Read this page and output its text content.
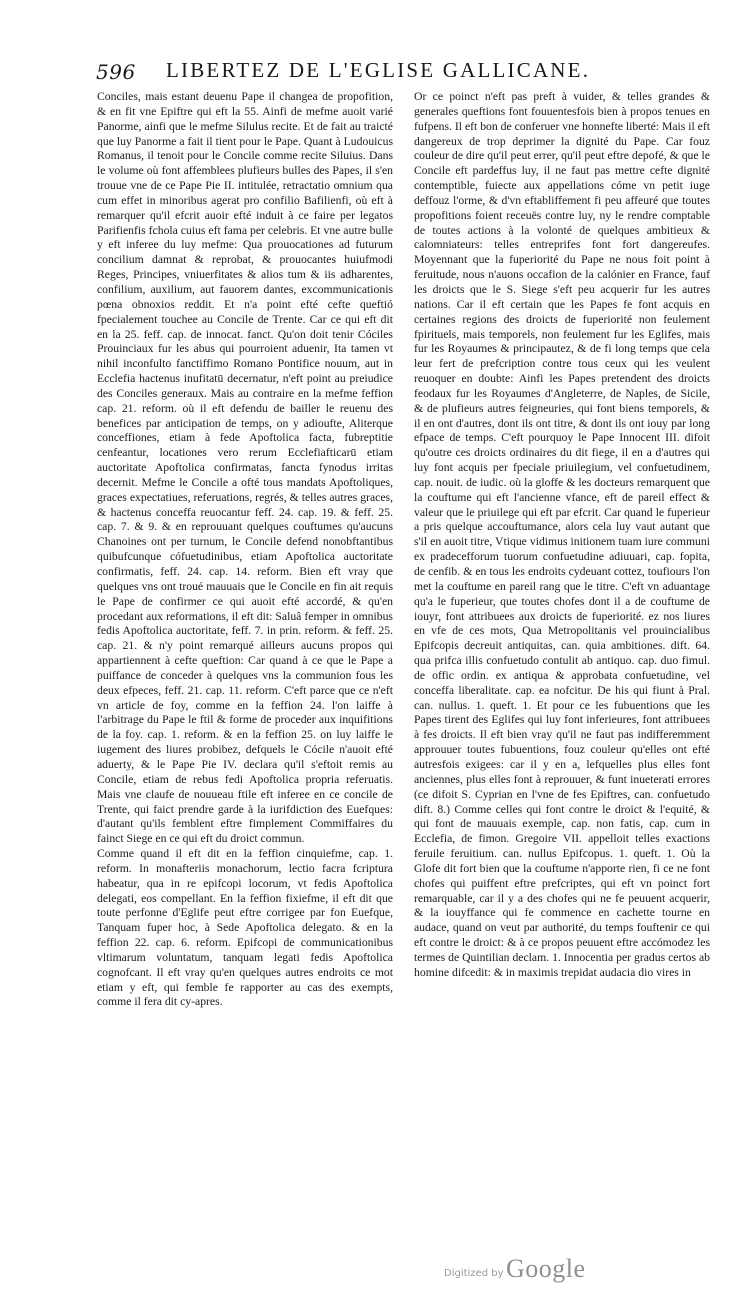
596 LIBERTEZ DE L'EGLISE GALLICANE.

Conciles, mais estant deuenu Pape il changea de propofition, & en fit vne Epiftre qui eft la 55. Ainfi de mefme auoit varié Panorme, ainfi que le mefme Silulus recite. Et de fait au traicté que luy Panorme a fait il tient pour le Pape. Quant à Ludouicus Romanus, il tenoit pour le Concile comme recite Siluius. Dans le volume où font affemblees plufieurs bulles des Papes, il s'en trouue vne de ce Pape Pie II. intitulée, retractatio omnium qua cum effet in minoribus agerat pro confilio Bafilienfi, où eft à remarquer qu'il efcrit auoir efté induit à ce faire per legatos Parifienfis fchola cuius eft fama per celebris. Et vne autre bulle y eft inferee du luy mefme: Qua prouocationes ad futurum concilium damnat & reprobat, & prouocantes huiufmodi Reges, Principes, vniuerfitates & alios tum & iis adharentes, confilium, auxilium, aut fauorem dantes, excommunicationis pœna obnoxios reddit. Et n'a point efté cefte queftió fpecialement touchee au Concile de Trente. Car ce qui eft dit en la 25. feff. cap. de innocat. fanct. Qu'on doit tenir Cóciles Prouinciaux fur les abus qui pourroient aduenir, Ita tamen vt nihil inconfulto fanctiffimo Romano Pontifice nouum, aut in Ecclefia hactenus inufitatū decernatur, n'eft point au preiudice des Conciles generaux. Mais au contraire en la mefme feffion cap. 21. reform. où il eft defendu de bailler le reuenu des benefices par anticipation de temps, on y adioufte, Aliterque conceffiones, etiam à fede Apoftolica facta, fubreptitie cenfeantur, locationes vero rerum Ecclefiafticarū etiam auctoritate Apoftolica confirmatas, fancta fynodus irritas decernit. Mefme le Concile a ofté tous mandats Apoftoliques, graces expectatiues, referuations, regrés, & telles autres graces, & hactenus conceffa reuocantur feff. 24. cap. 19. & feff. 25. cap. 7. & 9. & en reprouuant quelques couftumes qu'aucuns Chanoines ont per turnum, le Concile defend nonobftantibus quibufcunque cófuetudinibus, etiam Apoftolica auctoritate confirmatis, feff. 24. cap. 14. reform. Bien eft vray que quelques vns ont troué mauuais que le Concile en fin ait requis le Pape de confirmer ce qui auoit efté accordé, & qu'en procedant aux reformations, il eft dit: Saluâ femper in omnibus fedis Apoftolica auctoritate, feff. 7. in prin. reform. & feff. 25. cap. 21. & n'y point remarqué ailleurs aucuns propos qui appartiennent à cefte queftion: Car quand à ce que le Pape a puiffance de conceder à quelques vns la communion fous les deux efpeces, feff. 21. cap. 11. reform. C'eft parce que ce n'eft vn article de foy, comme en la feffion 24. l'on laiffe à l'arbitrage du Pape le ftil & forme de proceder aux inquifitions de la foy. cap. 1. reform. & en la feffion 25. on luy laiffe le iugement des liures probibez, defquels le Cócile n'auoit efté aduerty, & le Pape Pie IV. declara qu'il s'eftoit remis au Concile, etiam de rebus fedi Apoftolica propria referuatis. Mais vne claufe de nouueau ftile eft inferee en ce concile de Trente, qui faict prendre garde à la iurifdiction des Euefques: d'autant qu'ils femblent eftre fimplement Commiffaires du fainct Siege en ce qui eft du droict commun.

Comme quand il eft dit en la feffion cinquiefme, cap. 1. reform. In monafteriis monachorum, lectio facra fcriptura habeatur, qua in re epifcopi locorum, vt fedis Apoftolica delegati, eos compellant. En la feffion fixiefme, il eft dit que toute perfonne d'Eglife peut eftre corrigee par fon Euefque, Tanquam fuper hoc, à Sede Apoftolica delegato. & en la feffion 22. cap. 6. reform. Epifcopi de communicationibus vltimarum voluntatum, tanquam legati fedis Apoftolica cognofcant. Il eft vray qu'en quelques autres endroits ce mot etiam y eft, qui femble fe rapporter au cas des exempts, comme il fera dit cy-apres.

Or ce poinct n'eft pas preft à vuider, & telles grandes & generales queftions font fouuentesfois bien à propos tenues en fufpens. Il eft bon de conferuer vne honnefte liberté: Mais il eft dangereux de trop deprimer la dignité du Pape. Car fouz couleur de dire qu'il peut errer, qu'il peut eftre depofé, & que le Concile eft pardeffus luy, il ne faut pas mettre cefte dignité contemptible, fuiecte aux appellations cóme vn petit iuge deffouz l'orme, & d'vn eftabliffement fi peu affeuré que toutes propofitions foient receuës contre luy, ny le rendre comptable de toutes actions à la volonté de quelques ambitieux & calomniateurs: telles entreprifes font fort dangereufes. Moyennant que la fuperiorité du Pape ne nous foit point à feruitude, nous n'auons occafion de la calónier en France, fauf les droicts que le S. Siege s'eft peu acquerir fur les autres nations. Car il eft certain que les Papes fe font acquis en certaines regions des droicts de fuperiorité non feulement fpirituels, mais temporels, non feulement fur les Eglifes, mais fur les Royaumes & principautez, & de fi long temps que cela leur fert de prefcription contre tous ceux qui les veulent reuoquer en doubte: Ainfi les Papes pretendent des droicts feodaux fur les Royaumes d'Angleterre, de Naples, de Sicile, & de plufieurs autres feigneuries, qui font biens temporels, & il en ont d'autres, dont ils ont titre, & dont ils ont iouy par long efpace de temps. C'eft pourquoy le Pape Innocent III. difoit qu'outre ces droicts ordinaires du dit fiege, il en a d'autres qui luy font acquis per fpeciale priuilegium, vel confuetudinem, cap. nouit. de iudic. où la gloffe & les docteurs remarquent que la couftume qui eft l'ancienne vfance, eft de pareil effect & valeur que le priuilege qui eft par efcrit. Car quand le fuperieur a pris quelque accouftumance, alors cela luy vaut autant que s'il en auoit titre, Vtique vidimus initionem tuam iure communi ex pradecefforum tuorum confuetudine adiuuari, cap. fopita, de cenfib. & en tous les endroits cydeuant cottez, toufiours l'on met la couftume en pareil rang que le titre. C'eft vn aduantage qu'a le fuperieur, que toutes chofes dont il a de couftume de iouyr, font attribuees aux droicts de fuperiorité. ez nos liures en vfe de ces mots, Qua Metropolitanis vel prouincialibus Epifcopis decreuit antiquitas, can. quia ambitiones. dift. 64. qua prifca illis confuetudo contulit ab antiquo. cap. duo fimul. de offic ordin. ex antiqua & approbata confuetudine, vel conceffa liberalitate. cap. ea nofcitur. De his qui fiunt à Pral. can. nullus. 1. queft. 1. Et pour ce les fubuentions que les Papes tirent des Eglifes qui luy font inferieures, font attribuees à fes droicts. Il eft bien vray qu'il ne faut pas indifferemment approuuer toutes fubuentions, fouz couleur qu'elles ont efté autresfois exigees: car il y en a, lefquelles plus elles font anciennes, plus elles font à reprouuer, & funt inueterati errores (ce difoit S. Cyprian en l'vne de fes Epiftres, can. confuetudo dift. 8.) Comme celles qui font contre le droict & l'equité, & qui font de mauuais exemple, cap. non fatis, cap. cum in Ecclefia, de fimon. Gregoire VII. appelloit telles exactions feruile feruitium. can. nullus Epifcopus. 1. queft. 1. Où la Glofe dit fort bien que la couftume n'apporte rien, fi ce ne font chofes qui puiffent eftre prefcriptes, qui eft vn poinct fort remarquable, car il y a des chofes qui ne fe peuuent acquerir, & la iouyffance qui fe commence en cachette tourne en audace, quand on veut par authorité, du temps fouftenir ce qui eft contre le droict: & à ce propos peuuent eftre accómodez les termes de Quintilian declam. 1. Innocentia per gradus certos ab homine difcedit: & in maximis trepidat audacia dio vires in

Digitized by Google
